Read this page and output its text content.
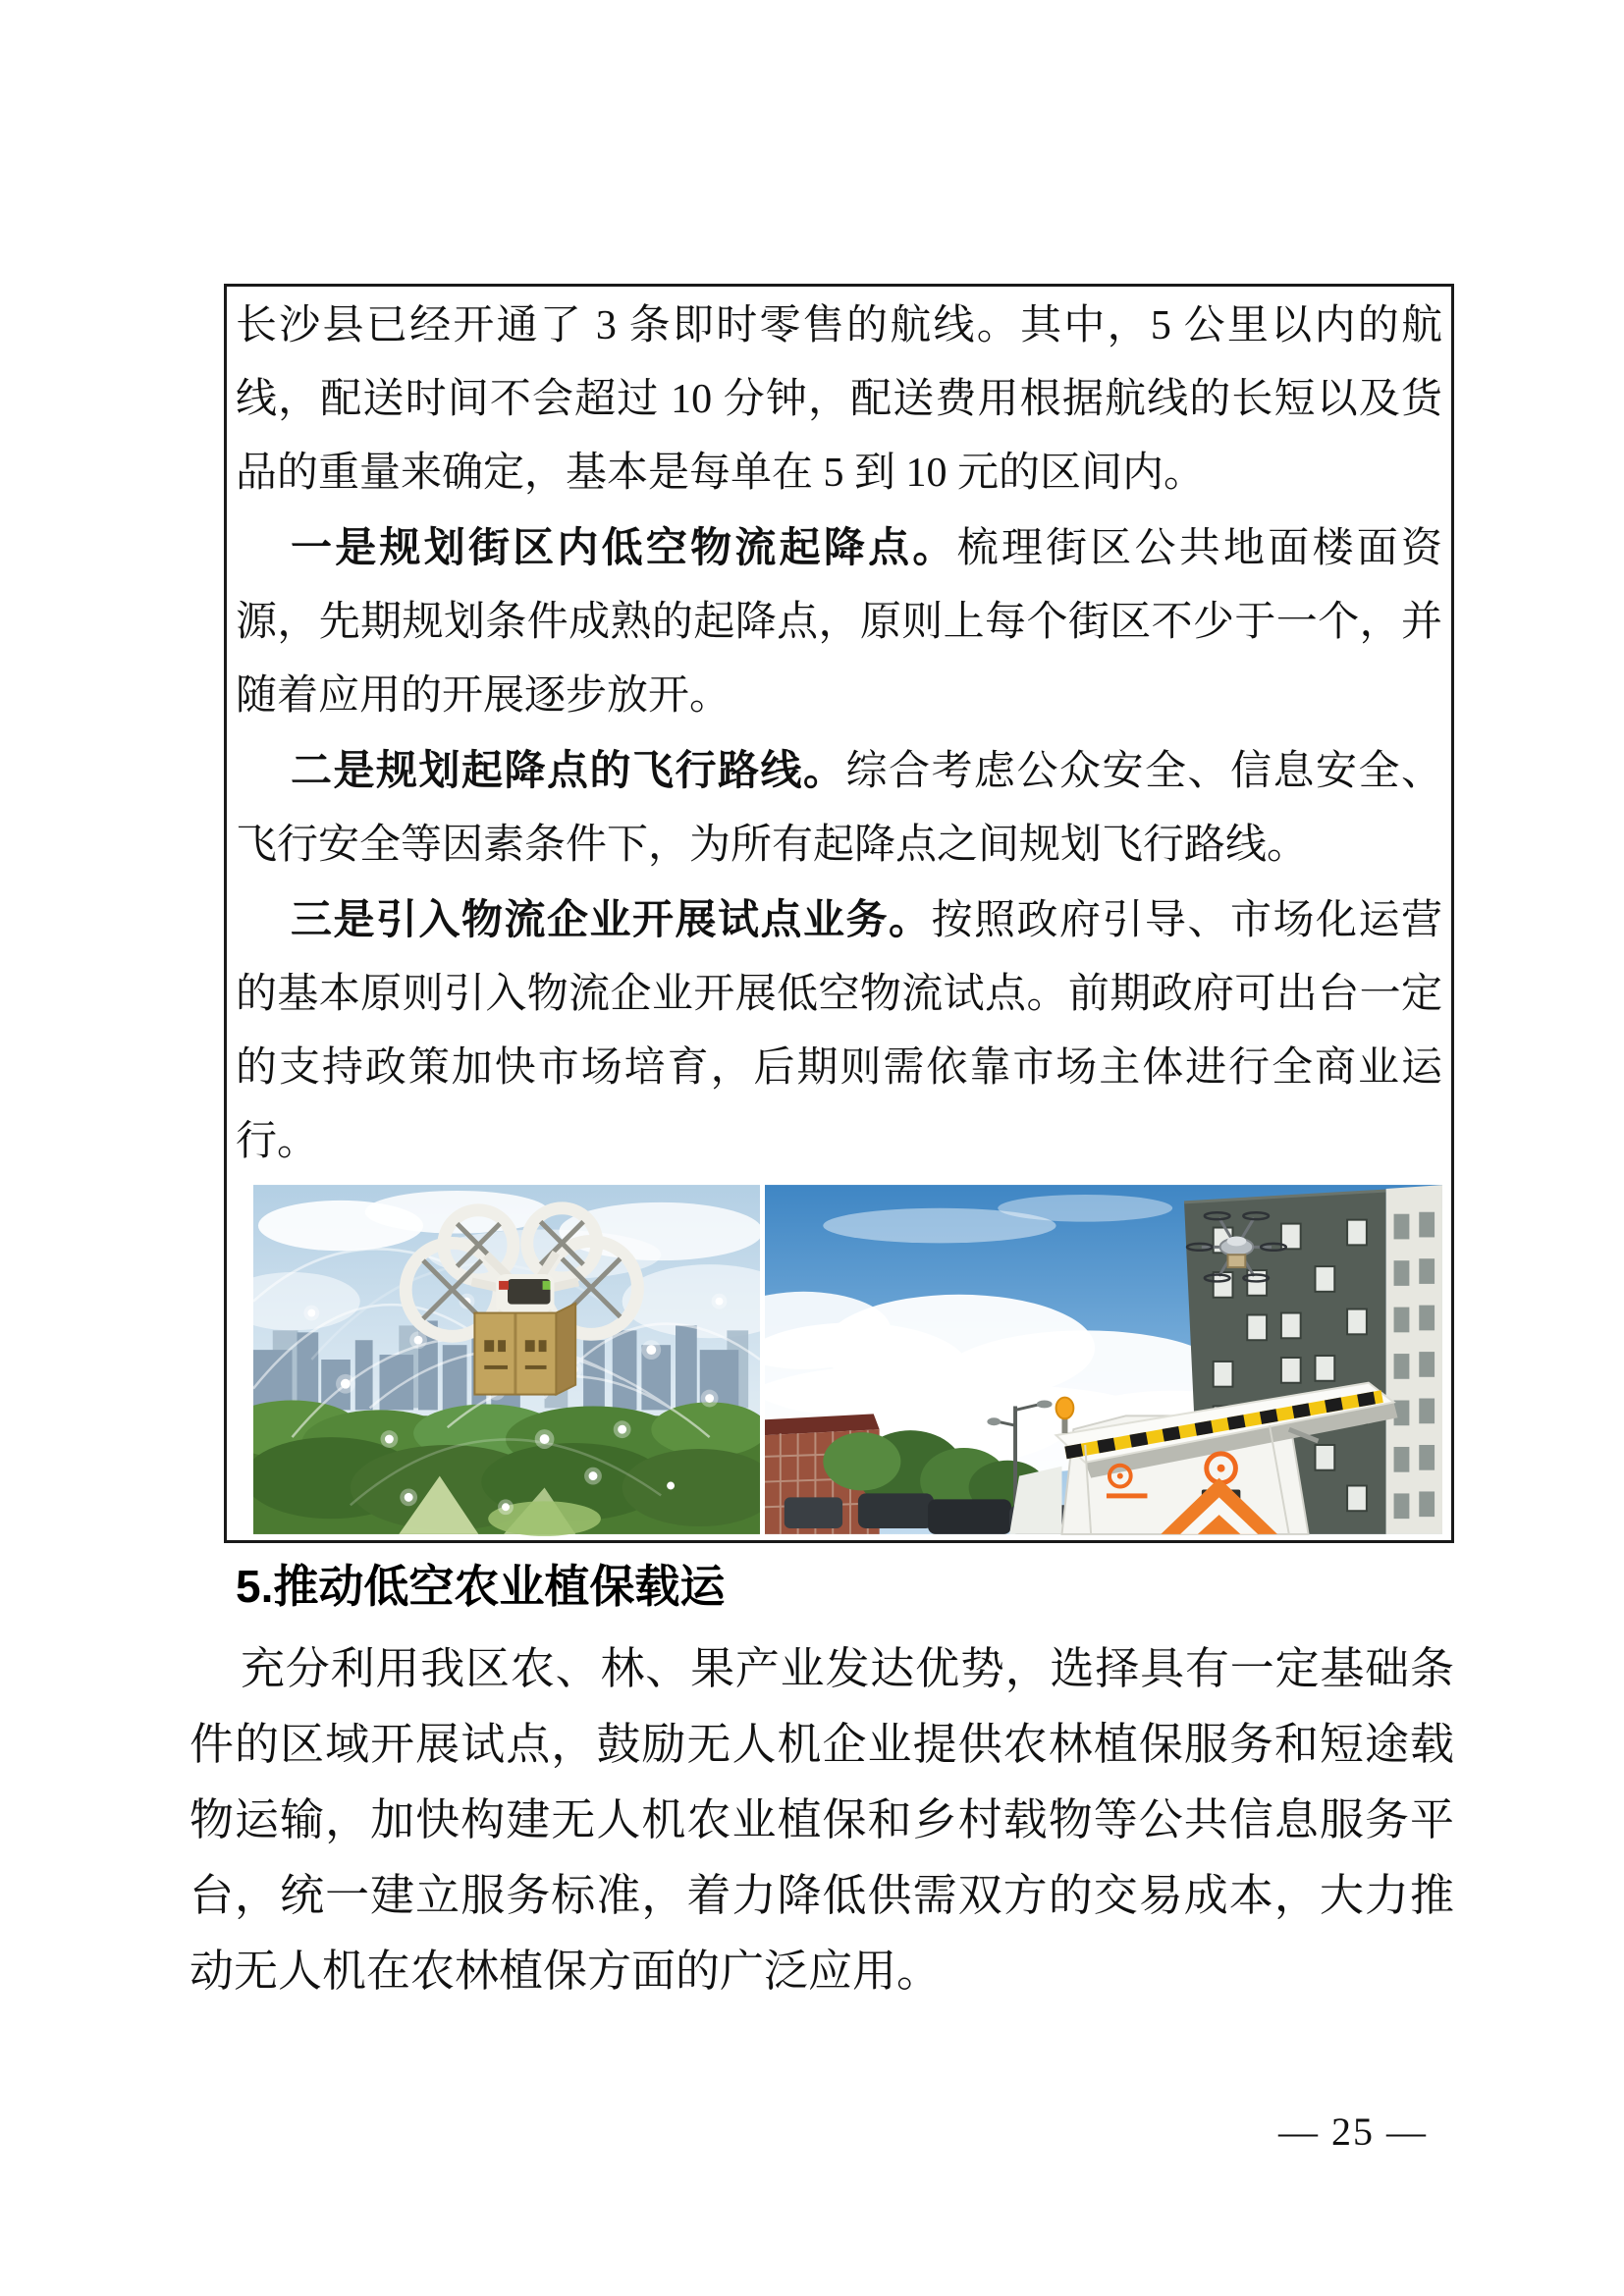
长沙县已经开通了 3 条即时零售的航线。其中，5 公里以内的航线，配送时间不会超过 10 分钟，配送费用根据航线的长短以及货品的重量来确定，基本是每单在 5 到 10 元的区间内。

一是规划街区内低空物流起降点。梳理街区公共地面楼面资源，先期规划条件成熟的起降点，原则上每个街区不少于一个，并随着应用的开展逐步放开。

二是规划起降点的飞行路线。综合考虑公众安全、信息安全、飞行安全等因素条件下，为所有起降点之间规划飞行路线。

三是引入物流企业开展试点业务。按照政府引导、市场化运营的基本原则引入物流企业开展低空物流试点。前期政府可出台一定的支持政策加快市场培育，后期则需依靠市场主体进行全商业运行。

5.推动低空农业植保载运

充分利用我区农、林、果产业发达优势，选择具有一定基础条件的区域开展试点，鼓励无人机企业提供农林植保服务和短途载物运输，加快构建无人机农业植保和乡村载物等公共信息服务平台，统一建立服务标准，着力降低供需双方的交易成本，大力推动无人机在农林植保方面的广泛应用。

— 25 —
